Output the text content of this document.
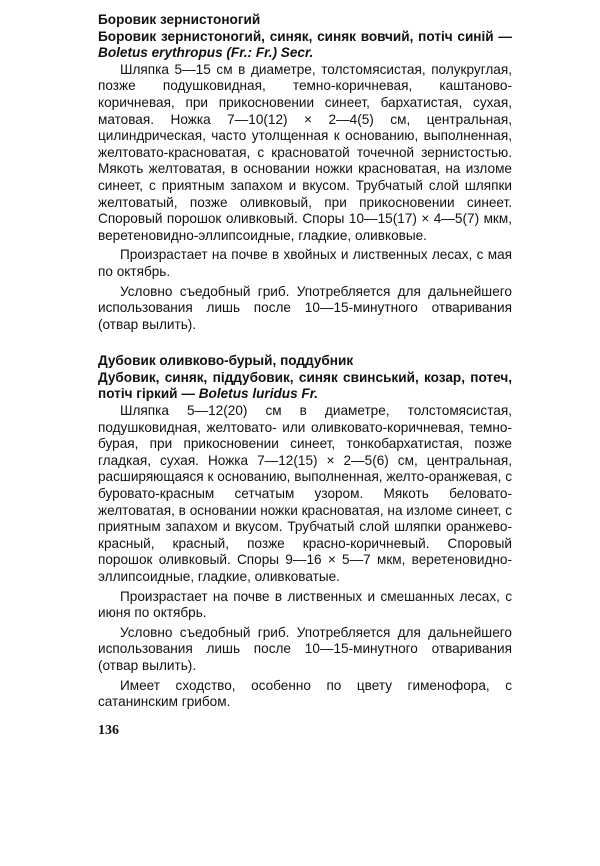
Боровик зернистоногий

Боровик зернистоногий, синяк, синяк вовчий, потіч синій — Boletus erythropus (Fr.: Fr.) Secr.

Шляпка 5—15 см в диаметре, толстомясистая, полукруглая, позже подушковидная, темно-коричневая, каштаново-коричневая, при прикосновении синеет, бархатистая, сухая, матовая. Ножка 7—10(12) × 2—4(5) см, центральная, цилиндрическая, часто утолщенная к основанию, выполненная, желтовато-красноватая, с красноватой точечной зернистостью. Мякоть желтоватая, в основании ножки красноватая, на изломе синеет, с приятным запахом и вкусом. Трубчатый слой шляпки желтоватый, позже оливковый, при прикосновении синеет. Споровый порошок оливковый. Споры 10—15(17) × 4—5(7) мкм, веретеновидно-эллипсоидные, гладкие, оливковые.

Произрастает на почве в хвойных и лиственных лесах, с мая по октябрь.

Условно съедобный гриб. Употребляется для дальнейшего использования лишь после 10—15-минутного отваривания (отвар вылить).

Дубовик оливково-бурый, поддубник

Дубовик, синяк, піддубовик, синяк свинський, козар, потеч, потіч гіркий — Boletus luridus Fr.

Шляпка 5—12(20) см в диаметре, толстомясистая, подушковидная, желтовато- или оливковато-коричневая, темно-бурая, при прикосновении синеет, тонкобархатистая, позже гладкая, сухая. Ножка 7—12(15) × 2—5(6) см, центральная, расширяющаяся к основанию, выполненная, желто-оранжевая, с буровато-красным сетчатым узором. Мякоть беловато-желтоватая, в основании ножки красноватая, на изломе синеет, с приятным запахом и вкусом. Трубчатый слой шляпки оранжево-красный, красный, позже красно-коричневый. Споровый порошок оливковый. Споры 9—16 × 5—7 мкм, веретеновидно-эллипсоидные, гладкие, оливковатые.

Произрастает на почве в лиственных и смешанных лесах, с июня по октябрь.

Условно съедобный гриб. Употребляется для дальнейшего использования лишь после 10—15-минутного отваривания (отвар вылить).

Имеет сходство, особенно по цвету гименофора, с сатанинским грибом.

136
